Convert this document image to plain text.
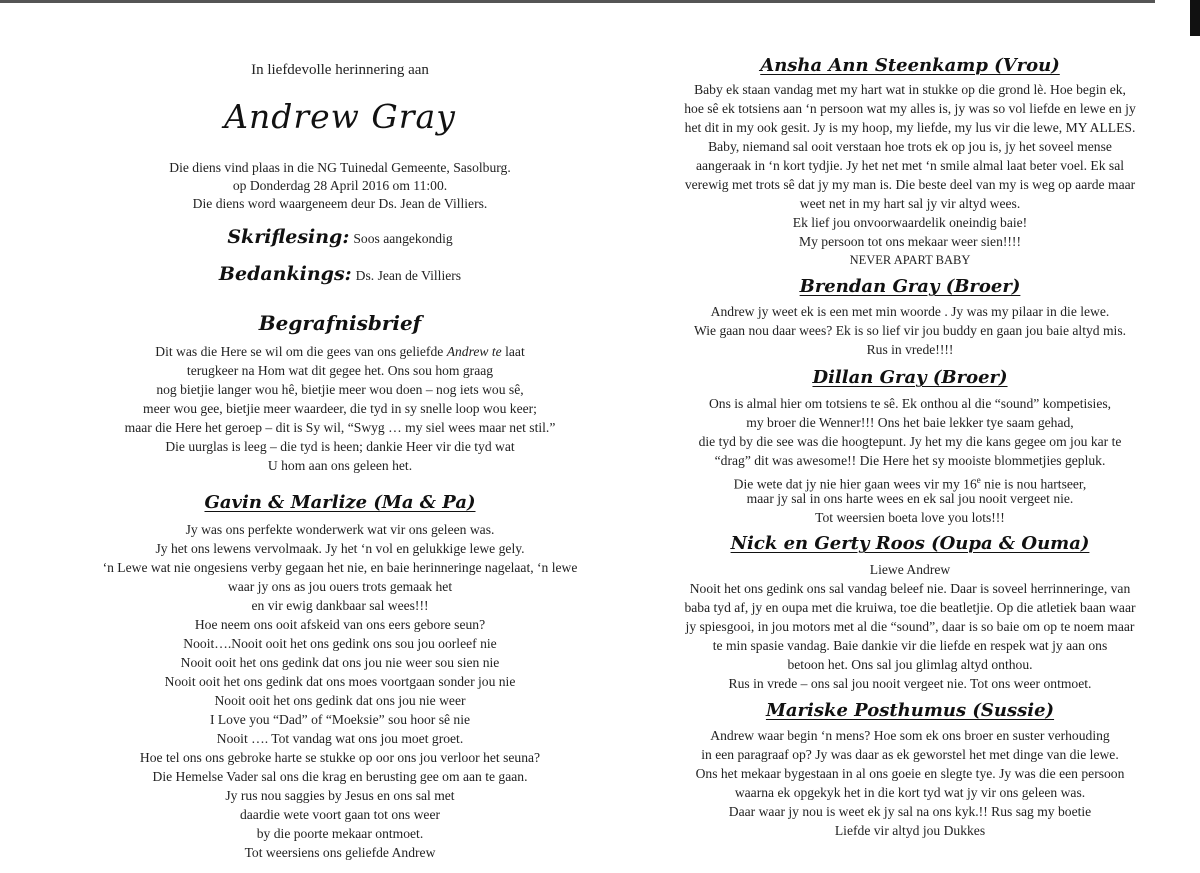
In liefdevolle herinnering aan

Andrew Gray

Die diens vind plaas in die NG Tuinedal Gemeente, Sasolburg.

op Donderdag 28 April 2016 om 11:00.

Die diens word waargeneem deur Ds. Jean de Villiers.

Skriflesing: Soos aangekondig

Bedankings: Ds. Jean de Villiers

Begrafnisbrief

Dit was die Here se wil om die gees van ons geliefde Andrew te laat

terugkeer na Hom wat dit gegee het. Ons sou hom graag

nog bietjie langer wou hê, bietjie meer wou doen – nog iets wou sê,

meer wou gee, bietjie meer waardeer, die tyd in sy snelle loop wou keer;

maar die Here het geroep – dit is Sy wil, “Swyg … my siel wees maar net stil.”

Die uurglas is leeg – die tyd is heen; dankie Heer vir die tyd wat

U hom aan ons geleen het.

Gavin & Marlize (Ma & Pa)

Jy was ons perfekte wonderwerk wat vir ons geleen was.

Jy het ons lewens vervolmaak. Jy het ‘n vol en gelukkige lewe gely.

‘n Lewe wat nie ongesiens verby gegaan het nie, en baie herinneringe nagelaat, ‘n lewe

waar jy ons as jou ouers trots gemaak het

en vir ewig dankbaar sal wees!!!

Hoe neem ons ooit afskeid van ons eers gebore seun?

Nooit….Nooit ooit het ons gedink ons sou jou oorleef nie

Nooit ooit het ons gedink dat ons jou nie weer sou sien nie

Nooit ooit het ons gedink dat ons moes voortgaan sonder jou nie

Nooit ooit het ons gedink dat ons jou nie weer

I Love you “Dad” of “Moeksie” sou hoor sê nie

Nooit …. Tot vandag wat ons jou moet groet.

Hoe tel ons ons gebroke harte se stukke op oor ons jou verloor het seuna?

Die Hemelse Vader sal ons die krag en berusting gee om aan te gaan.

Jy rus nou saggies by Jesus en ons sal met

daardie wete voort gaan tot ons weer

by die poorte mekaar ontmoet.

Tot weersiens ons geliefde Andrew

Ansha Ann Steenkamp (Vrou)

Baby ek staan vandag met my hart wat in stukke op die grond lè. Hoe begin ek,

hoe sê ek totsiens aan ‘n persoon wat my alles is, jy was so vol liefde en lewe en jy

het dit in my ook gesit. Jy is my hoop, my liefde, my lus vir die lewe, MY ALLES.

Baby, niemand sal ooit verstaan hoe trots ek op jou is, jy het soveel mense

aangeraak in ‘n kort tydjie. Jy het net met ‘n smile almal laat beter voel. Ek sal

verewig met trots sê dat jy my man is. Die beste deel van my is weg op aarde maar

weet net in my hart sal jy vir altyd wees.

Ek lief jou onvoorwaardelik oneindig baie!

My persoon tot ons mekaar weer sien!!!!

NEVER APART BABY

Brendan Gray (Broer)

Andrew jy weet ek is een met min woorde . Jy was my pilaar in die lewe.

Wie gaan nou daar wees? Ek is so lief vir jou buddy en gaan jou baie altyd mis.

Rus in vrede!!!!

Dillan Gray (Broer)

Ons is almal hier om totsiens te sê. Ek onthou al die “sound” kompetisies,

my broer die Wenner!!! Ons het baie lekker tye saam gehad,

die tyd by die see was die hoogtepunt. Jy het my die kans gegee om jou kar te

“drag” dit was awesome!! Die Here het sy mooiste blommetjies gepluk.

Die wete dat jy nie hier gaan wees vir my 16e nie is nou hartseer,

maar jy sal in ons harte wees en ek sal jou nooit vergeet nie.

Tot weersien boeta love you lots!!!

Nick en Gerty Roos (Oupa & Ouma)

Liewe Andrew

Nooit het ons gedink ons sal vandag beleef nie. Daar is soveel herrinneringe, van

baba tyd af, jy en oupa met die kruiwa, toe die beatletjie. Op die atletiek baan waar

jy spiesgooi, in jou motors met al die “sound”, daar is so baie om op te noem maar

te min spasie vandag. Baie dankie vir die liefde en respek wat jy aan ons

betoon het. Ons sal jou glimlag altyd onthou.

Rus in vrede – ons sal jou nooit vergeet nie. Tot ons weer ontmoet.

Mariske Posthumus (Sussie)

Andrew waar begin ‘n mens? Hoe som ek ons broer en suster verhouding

in een paragraaf op? Jy was daar as ek geworstel het met dinge van die lewe.

Ons het mekaar bygestaan in al ons goeie en slegte tye. Jy was die een persoon

waarna ek opgekyk het in die kort tyd wat jy vir ons geleen was.

Daar waar jy nou is weet ek jy sal na ons kyk.!! Rus sag my boetie

Liefde vir altyd jou Dukkes
